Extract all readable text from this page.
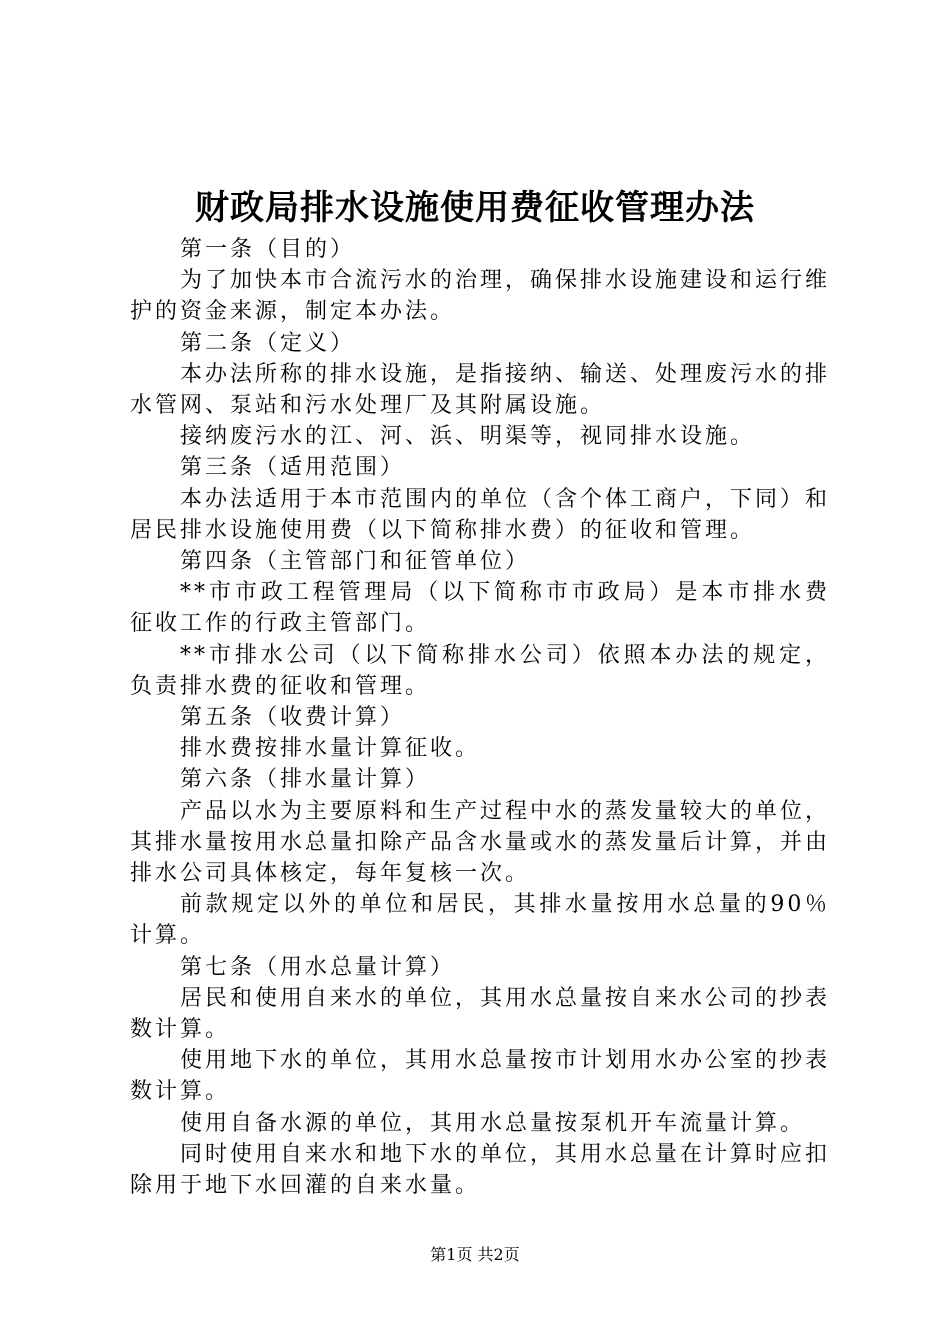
财政局排水设施使用费征收管理办法

第一条（目的）

为了加快本市合流污水的治理，确保排水设施建设和运行维护的资金来源，制定本办法。

第二条（定义）

本办法所称的排水设施，是指接纳、输送、处理废污水的排水管网、泵站和污水处理厂及其附属设施。

接纳废污水的江、河、浜、明渠等，视同排水设施。

第三条（适用范围）

本办法适用于本市范围内的单位（含个体工商户，下同）和居民排水设施使用费（以下简称排水费）的征收和管理。

第四条（主管部门和征管单位）

**市市政工程管理局（以下简称市市政局）是本市排水费征收工作的行政主管部门。

**市排水公司（以下简称排水公司）依照本办法的规定，负责排水费的征收和管理。

第五条（收费计算）

排水费按排水量计算征收。

第六条（排水量计算）

产品以水为主要原料和生产过程中水的蒸发量较大的单位，其排水量按用水总量扣除产品含水量或水的蒸发量后计算，并由排水公司具体核定，每年复核一次。

前款规定以外的单位和居民，其排水量按用水总量的90％计算。

第七条（用水总量计算）

居民和使用自来水的单位，其用水总量按自来水公司的抄表数计算。

使用地下水的单位，其用水总量按市计划用水办公室的抄表数计算。

使用自备水源的单位，其用水总量按泵机开车流量计算。

同时使用自来水和地下水的单位，其用水总量在计算时应扣除用于地下水回灌的自来水量。

第1页 共2页
